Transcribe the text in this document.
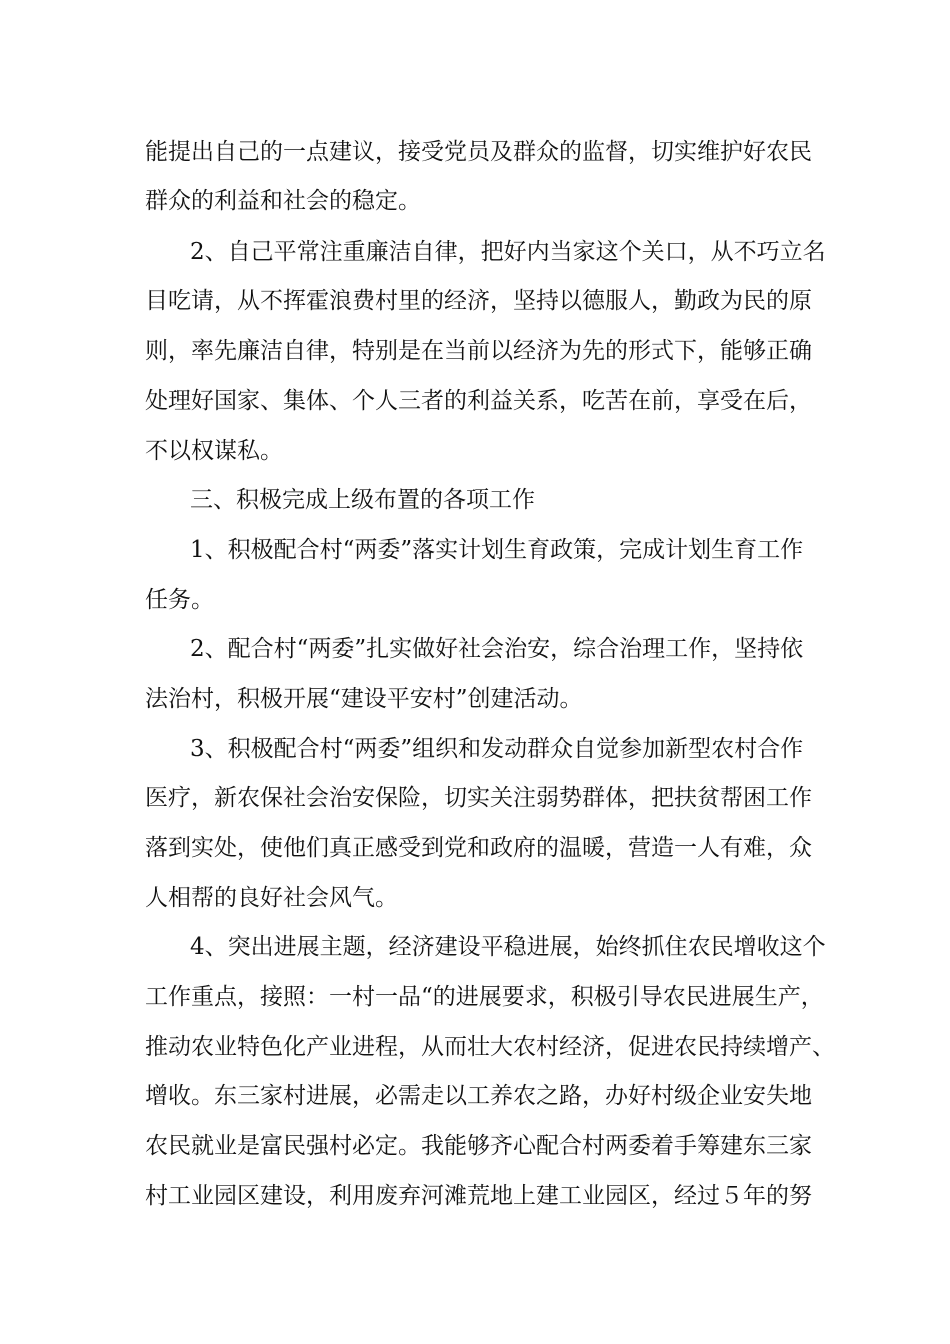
能提出自己的一点建议，接受党员及群众的监督，切实维护好农民
群众的利益和社会的稳定。
2、自己平常注重廉洁自律，把好内当家这个关口，从不巧立名
目吃请，从不挥霍浪费村里的经济，坚持以德服人，勤政为民的原
则，率先廉洁自律，特别是在当前以经济为先的形式下，能够正确
处理好国家、集体、个人三者的利益关系，吃苦在前，享受在后，
不以权谋私。
三、积极完成上级布置的各项工作
1、积极配合村“两委”落实计划生育政策，完成计划生育工作
任务。
2、配合村“两委”扎实做好社会治安，综合治理工作，坚持依
法治村，积极开展“建设平安村”创建活动。
3、积极配合村“两委”组织和发动群众自觉参加新型农村合作
医疗，新农保社会治安保险，切实关注弱势群体，把扶贫帮困工作
落到实处，使他们真正感受到党和政府的温暖，营造一人有难，众
人相帮的良好社会风气。
4、突出进展主题，经济建设平稳进展，始终抓住农民增收这个
工作重点，接照：一村一品“的进展要求，积极引导农民进展生产，
推动农业特色化产业进程，从而壮大农村经济，促进农民持续增产、
增收。东三家村进展，必需走以工养农之路，办好村级企业安失地
农民就业是富民强村必定。我能够齐心配合村两委着手筹建东三家
村工业园区建设，利用废弃河滩荒地上建工业园区，经过５年的努
